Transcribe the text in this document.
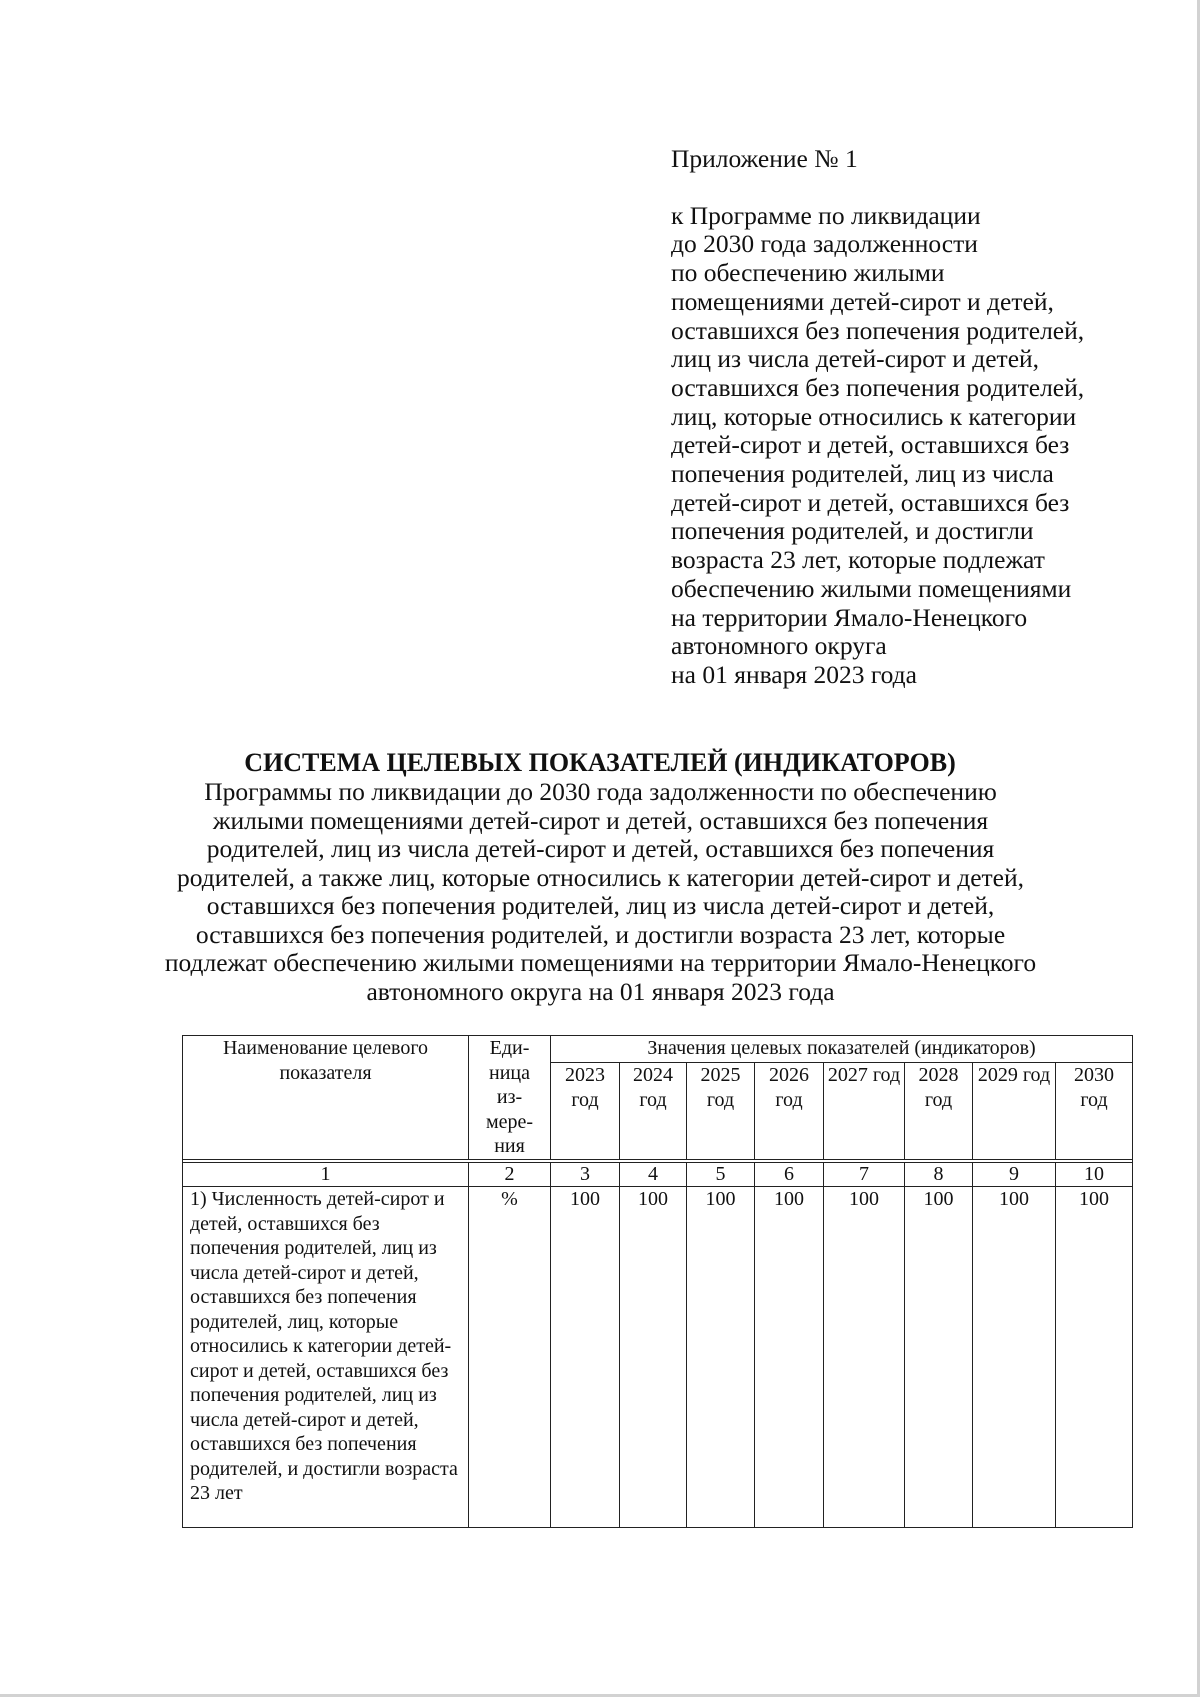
Приложение № 1
к Программе по ликвидации
до 2030 года задолженности
по обеспечению жилыми
помещениями детей-сирот и детей,
оставшихся без попечения родителей,
лиц из числа детей-сирот и детей,
оставшихся без попечения родителей,
лиц, которые относились к категории
детей-сирот и детей, оставшихся без
попечения родителей, лиц из числа
детей-сирот и детей, оставшихся без
попечения родителей, и достигли
возраста 23 лет, которые подлежат
обеспечению жилыми помещениями
на территории Ямало-Ненецкого
автономного округа
на 01 января 2023 года
СИСТЕМА ЦЕЛЕВЫХ ПОКАЗАТЕЛЕЙ (ИНДИКАТОРОВ)
Программы по ликвидации до 2030 года задолженности по обеспечению
жилыми помещениями детей-сирот и детей, оставшихся без попечения
родителей, лиц из числа детей-сирот и детей, оставшихся без попечения
родителей, а также лиц, которые относились к категории детей-сирот и детей,
оставшихся без попечения родителей, лиц из числа детей-сирот и детей,
оставшихся без попечения родителей, и достигли возраста 23 лет, которые
подлежат обеспечению жилыми помещениями на территории Ямало-Ненецкого
автономного округа на 01 января 2023 года
Наименование целевого показателя	Еди-
ница
из-
мере-
ния	Значения целевых показателей (индикаторов)							
		2023 год	2024 год	2025 год	2026 год	2027 год	2028 год	2029 год	2030 год

1	2	3	4	5	6	7	8	9	10
1) Численность детей-сирот и детей, оставшихся без попечения родителей, лиц из числа детей-сирот и детей, оставшихся без попечения родителей, лиц, которые относились к категории детей-сирот и детей, оставшихся без попечения родителей, лиц из числа детей-сирот и детей, оставшихся без попечения родителей, и достигли возраста 23 лет	%	100	100	100	100	100	100	100	100
